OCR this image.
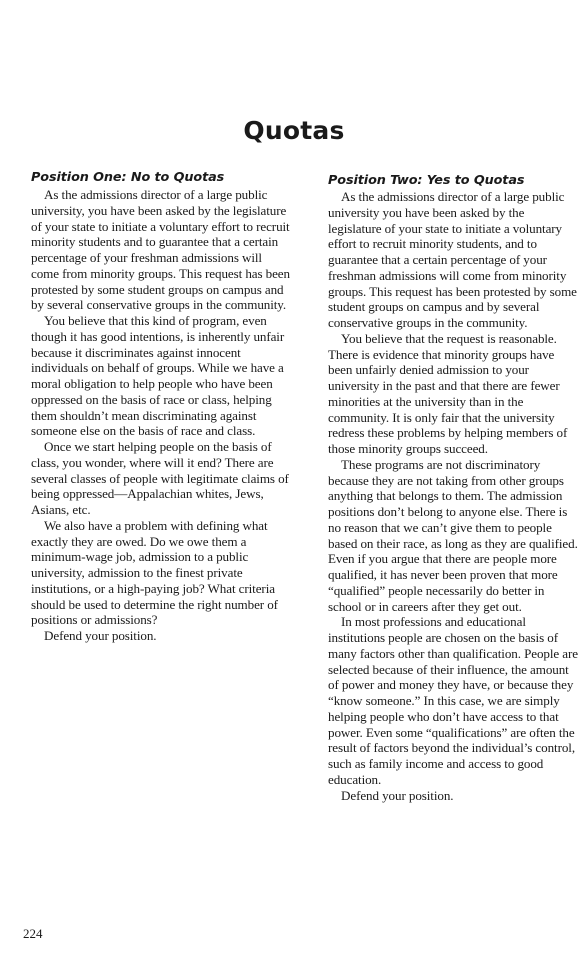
Quotas
Position One: No to Quotas

As the admissions director of a large public university, you have been asked by the legislature of your state to initiate a voluntary effort to recruit minority students and to guarantee that a certain percentage of your freshman admissions will come from minority groups. This request has been protested by some student groups on campus and by several conservative groups in the community.

You believe that this kind of program, even though it has good intentions, is inherently unfair because it discriminates against innocent individuals on behalf of groups. While we have a moral obligation to help people who have been oppressed on the basis of race or class, helping them shouldn’t mean discriminating against someone else on the basis of race and class.

Once we start helping people on the basis of class, you wonder, where will it end? There are several classes of people with legitimate claims of being oppressed—Appalachian whites, Jews, Asians, etc.

We also have a problem with defining what exactly they are owed. Do we owe them a minimum-wage job, admission to a public university, admission to the finest private institutions, or a high-paying job? What criteria should be used to determine the right number of positions or admissions?

Defend your position.

Position Two: Yes to Quotas

As the admissions director of a large public university you have been asked by the legislature of your state to initiate a voluntary effort to recruit minority students, and to guarantee that a certain percentage of your freshman admissions will come from minority groups. This request has been protested by some student groups on campus and by several conservative groups in the community.

You believe that the request is reasonable. There is evidence that minority groups have been unfairly denied admission to your university in the past and that there are fewer minorities at the university than in the community. It is only fair that the university redress these problems by helping members of those minority groups succeed.

These programs are not discriminatory because they are not taking from other groups anything that belongs to them. The admission positions don’t belong to anyone else. There is no reason that we can’t give them to people based on their race, as long as they are qualified. Even if you argue that there are people more qualified, it has never been proven that more “qualified” people necessarily do better in school or in careers after they get out.

In most professions and educational institutions people are chosen on the basis of many factors other than qualification. People are selected because of their influence, the amount of power and money they have, or because they “know someone.” In this case, we are simply helping people who don’t have access to that power. Even some “qualifications” are often the result of factors beyond the individual’s control, such as family income and access to good education.

Defend your position.

224
